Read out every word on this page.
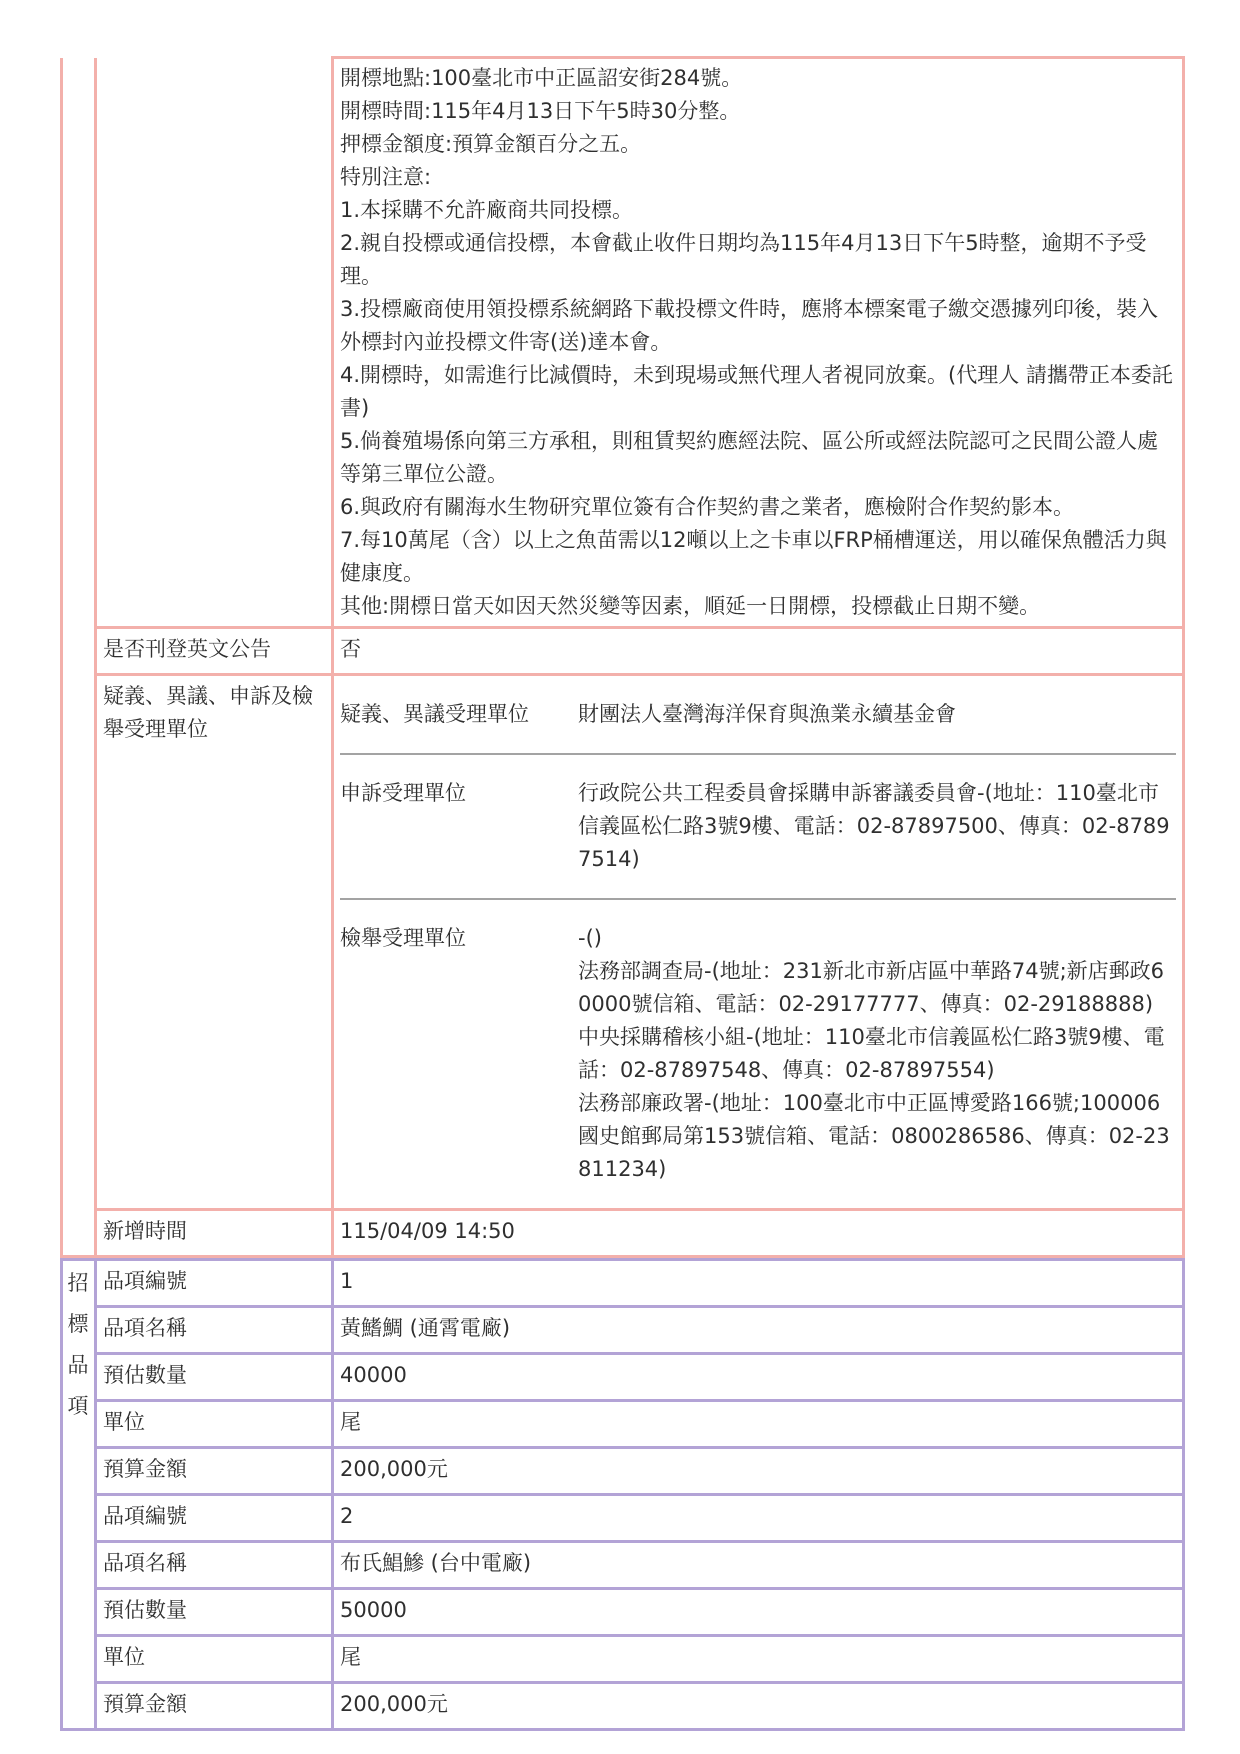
開標地點:100臺北市中正區詔安街284號。
開標時間:115年4月13日下午5時30分整。
押標金額度:預算金額百分之五。
特別注意:
1.本採購不允許廠商共同投標。
2.親自投標或通信投標，本會截止收件日期均為115年4月13日下午5時整，逾期不予受理。
3.投標廠商使用領投標系統網路下載投標文件時，應將本標案電子繳交憑據列印後，裝入外標封內並投標文件寄(送)達本會。
4.開標時，如需進行比減價時，未到現場或無代理人者視同放棄。(代理人 請攜帶正本委託書)
5.倘養殖場係向第三方承租，則租賃契約應經法院、區公所或經法院認可之民間公證人處等第三單位公證。
6.與政府有關海水生物研究單位簽有合作契約書之業者，應檢附合作契約影本。
7.每10萬尾（含）以上之魚苗需以12噸以上之卡車以FRP桶槽運送，用以確保魚體活力與健康度。
其他:開標日當天如因天然災變等因素，順延一日開標，投標截止日期不變。

	是否刊登英文公告	否
疑義、異議、申訴及檢舉受理單位	
疑義、異議受理單位	財團法人臺灣海洋保育與漁業永續基金會
申訴受理單位	行政院公共工程委員會採購申訴審議委員會-(地址：110臺北市信義區松仁路3號9樓、電話：02-87897500、傳真：02-87897514)
檢舉受理單位	-()
法務部調查局-(地址：231新北市新店區中華路74號;新店郵政60000號信箱、電話：02-29177777、傳真：02-29188888)
中央採購稽核小組-(地址：110臺北市信義區松仁路3號9樓、電話：02-87897548、傳真：02-87897554)
法務部廉政署-(地址：100臺北市中正區博愛路166號;100006國史館郵局第153號信箱、電話：0800286586、傳真：02-23811234)

	新增時間	115/04/09 14:50
招標品項	品項編號	1
	品項名稱	黃鰭鯛 (通霄電廠)
	預估數量	40000
	單位	尾
	預算金額	200,000元
	品項編號	2
	品項名稱	布氏鯧鰺 (台中電廠)
	預估數量	50000
	單位	尾
	預算金額	200,000元
